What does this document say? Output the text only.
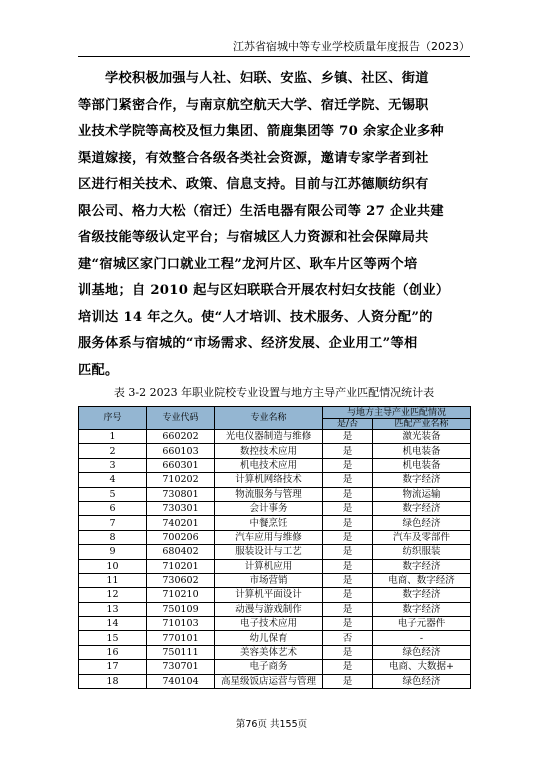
江苏省宿城中等专业学校质量年度报告（2023）
学校积极加强与人社、妇联、安监、乡镇、社区、街道
等部门紧密合作，与南京航空航天大学、宿迁学院、无锡职
业技术学院等高校及恒力集团、箭鹿集团等 70 余家企业多种
渠道嫁接，有效整合各级各类社会资源，邀请专家学者到社
区进行相关技术、政策、信息支持。目前与江苏德顺纺织有
限公司、格力大松（宿迁）生活电器有限公司等 27 企业共建
省级技能等级认定平台；与宿城区人力资源和社会保障局共
建“宿城区家门口就业工程”龙河片区、耿车片区等两个培
训基地；自 2010 起与区妇联联合开展农村妇女技能（创业）
培训达 14 年之久。使“人才培训、技术服务、人资分配”的
服务体系与宿城的“市场需求、经济发展、企业用工”等相
匹配。
表 3-2 2023 年职业院校专业设置与地方主导产业匹配情况统计表
序号	专业代码	专业名称	与地方主导产业匹配情况	
			是/否	匹配产业名称
1	660202	光电仪器制造与维修	是	激光装备
2	660103	数控技术应用	是	机电装备
3	660301	机电技术应用	是	机电装备
4	710202	计算机网络技术	是	数字经济
5	730801	物流服务与管理	是	物流运输
6	730301	会计事务	是	数字经济
7	740201	中餐烹饪	是	绿色经济
8	700206	汽车应用与维修	是	汽车及零部件
9	680402	服装设计与工艺	是	纺织服装
10	710201	计算机应用	是	数字经济
11	730602	市场营销	是	电商、数字经济
12	710210	计算机平面设计	是	数字经济
13	750109	动漫与游戏制作	是	数字经济
14	710103	电子技术应用	是	电子元器件
15	770101	幼儿保育	否	-
16	750111	美容美体艺术	是	绿色经济
17	730701	电子商务	是	电商、大数据+
18	740104	高星级饭店运营与管理	是	绿色经济
第76页 共155页
